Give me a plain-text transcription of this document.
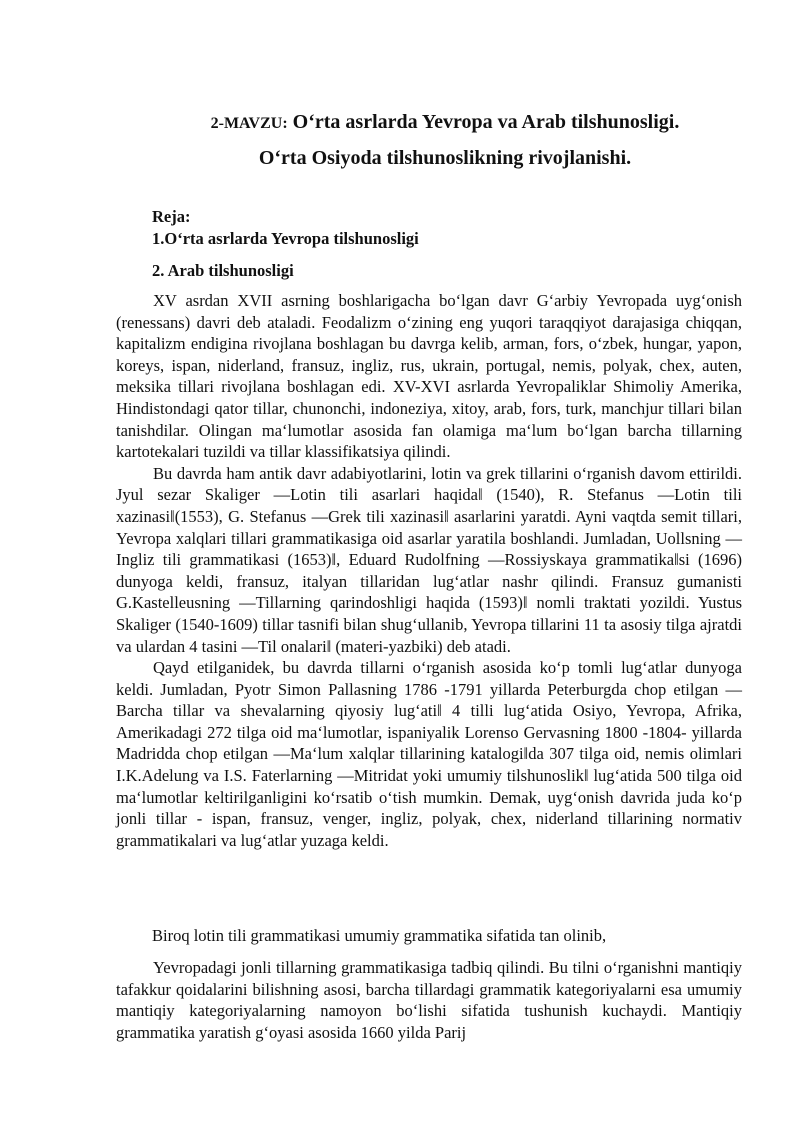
2-MAVZU: O‘rta asrlarda Yevropa va Arab tilshunosligi.
O‘rta Osiyoda tilshunoslikning rivojlanishi.
Reja:
1.O‘rta asrlarda Yevropa tilshunosligi
2. Arab tilshunosligi

XV asrdan XVII asrning boshlarigacha bo‘lgan davr G‘arbiy Yevropada uyg‘onish (renessans) davri deb ataladi. Feodalizm o‘zining eng yuqori taraqqiyot darajasiga chiqqan, kapitalizm endigina rivojlana boshlagan bu davrga kelib, arman, fors, o‘zbek, hungar, yapon, koreys, ispan, niderland, fransuz, ingliz, rus, ukrain, portugal, nemis, polyak, chex, auten, meksika tillari rivojlana boshlagan edi. XV-XVI asrlarda Yevropaliklar Shimoliy Amerika, Hindistondagi qator tillar, chunonchi, indoneziya, xitoy, arab, fors, turk, manchjur tillari bilan tanishdilar. Olingan ma‘lumotlar asosida fan olamiga ma‘lum bo‘lgan barcha tillarning kartotekalari tuzildi va tillar klassifikatsiya qilindi.

Bu davrda ham antik davr adabiyotlarini, lotin va grek tillarini o‘rganish davom ettirildi. Jyul sezar Skaliger —Lotin tili asarlari haqida‖ (1540), R. Stefanus —Lotin tili xazinasi‖(1553), G. Stefanus —Grek tili xazinasi‖ asarlarini yaratdi. Ayni vaqtda semit tillari, Yevropa xalqlari tillari grammatikasiga oid asarlar yaratila boshlandi. Jumladan, Uollsning —Ingliz tili grammatikasi (1653)‖, Eduard Rudolfning —Rossiyskaya grammatika‖si (1696) dunyoga keldi, fransuz, italyan tillaridan lug‘atlar nashr qilindi. Fransuz gumanisti G.Kastelleusning —Tillarning qarindoshligi haqida (1593)‖ nomli traktati yozildi. Yustus Skaliger (1540-1609) tillar tasnifi bilan shug‘ullanib, Yevropa tillarini 11 ta asosiy tilga ajratdi va ulardan 4 tasini —Til onalari‖ (materi-yazbiki) deb atadi.

Qayd etilganidek, bu davrda tillarni o‘rganish asosida ko‘p tomli lug‘atlar dunyoga keldi. Jumladan, Pyotr Simon Pallasning 1786 -1791 yillarda Peterburgda chop etilgan —Barcha tillar va shevalarning qiyosiy lug‘ati‖ 4 tilli lug‘atida Osiyo, Yevropa, Afrika, Amerikadagi 272 tilga oid ma‘lumotlar, ispaniyalik Lorenso Gervasning 1800 -1804- yillarda Madridda chop etilgan —Ma‘lum xalqlar tillarining katalogi‖da 307 tilga oid, nemis olimlari I.K.Adelung va I.S. Faterlarning —Mitridat yoki umumiy tilshunoslik‖ lug‘atida 500 tilga oid ma‘lumotlar keltirilganligini ko‘rsatib o‘tish mumkin. Demak, uyg‘onish davrida juda ko‘p jonli tillar - ispan, fransuz, venger, ingliz, polyak, chex, niderland tillarining normativ grammatikalari va lug‘atlar yuzaga keldi.

Biroq lotin tili grammatikasi umumiy grammatika sifatida tan olinib,

Yevropadagi jonli tillarning grammatikasiga tadbiq qilindi. Bu tilni o‘rganishni mantiqiy tafakkur qoidalarini bilishning asosi, barcha tillardagi grammatik kategoriyalarni esa umumiy mantiqiy kategoriyalarning namoyon bo‘lishi sifatida tushunish kuchaydi. Mantiqiy grammatika yaratish g‘oyasi asosida 1660 yilda Parij
